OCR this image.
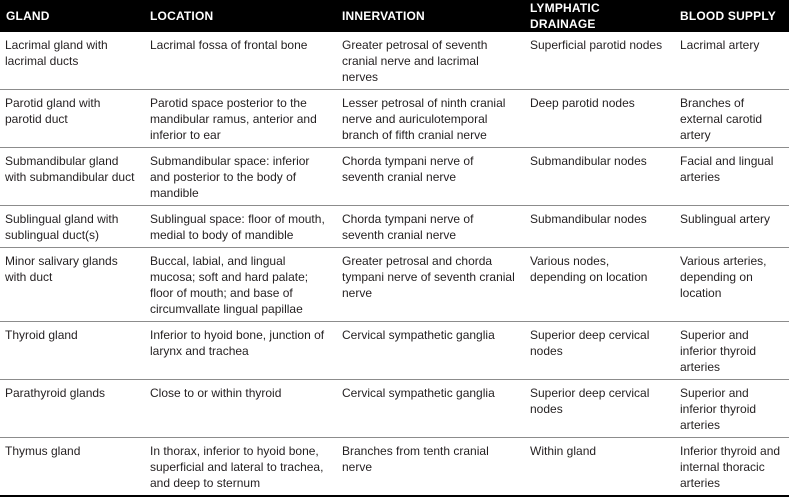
GLAND	LOCATION	INNERVATION	LYMPHATIC DRAINAGE	BLOOD SUPPLY
Lacrimal gland with lacrimal ducts	Lacrimal fossa of frontal bone	Greater petrosal of seventh cranial nerve and lacrimal nerves	Superficial parotid nodes	Lacrimal artery
Parotid gland with parotid duct	Parotid space posterior to the mandibular ramus, anterior and inferior to ear	Lesser petrosal of ninth cranial nerve and auriculotemporal branch of fifth cranial nerve	Deep parotid nodes	Branches of external carotid artery
Submandibular gland with submandibular duct	Submandibular space: inferior and posterior to the body of mandible	Chorda tympani nerve of seventh cranial nerve	Submandibular nodes	Facial and lingual arteries
Sublingual gland with sublingual duct(s)	Sublingual space: floor of mouth, medial to body of mandible	Chorda tympani nerve of seventh cranial nerve	Submandibular nodes	Sublingual artery
Minor salivary glands with duct	Buccal, labial, and lingual mucosa; soft and hard palate; floor of mouth; and base of circumvallate lingual papillae	Greater petrosal and chorda tympani nerve of seventh cranial nerve	Various nodes, depending on location	Various arteries, depending on location
Thyroid gland	Inferior to hyoid bone, junction of larynx and trachea	Cervical sympathetic ganglia	Superior deep cervical nodes	Superior and inferior thyroid arteries
Parathyroid glands	Close to or within thyroid	Cervical sympathetic ganglia	Superior deep cervical nodes	Superior and inferior thyroid arteries
Thymus gland	In thorax, inferior to hyoid bone, superficial and lateral to trachea, and deep to sternum	Branches from tenth cranial nerve	Within gland	Inferior thyroid and internal thoracic arteries
